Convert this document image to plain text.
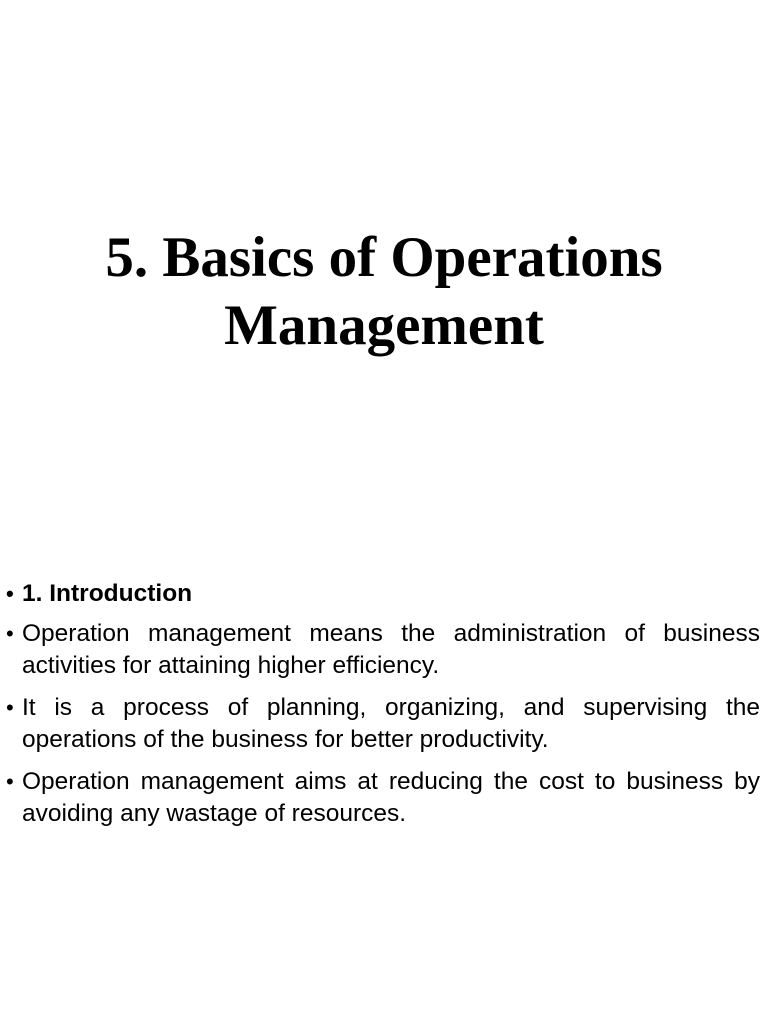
5. Basics of Operations
Management
• 1. Introduction
• Operation management means the administration of business activities for attaining higher efficiency.
• It is a process of planning, organizing, and supervising the operations of the business for better productivity.
• Operation management aims at reducing the cost to business by avoiding any wastage of resources.
